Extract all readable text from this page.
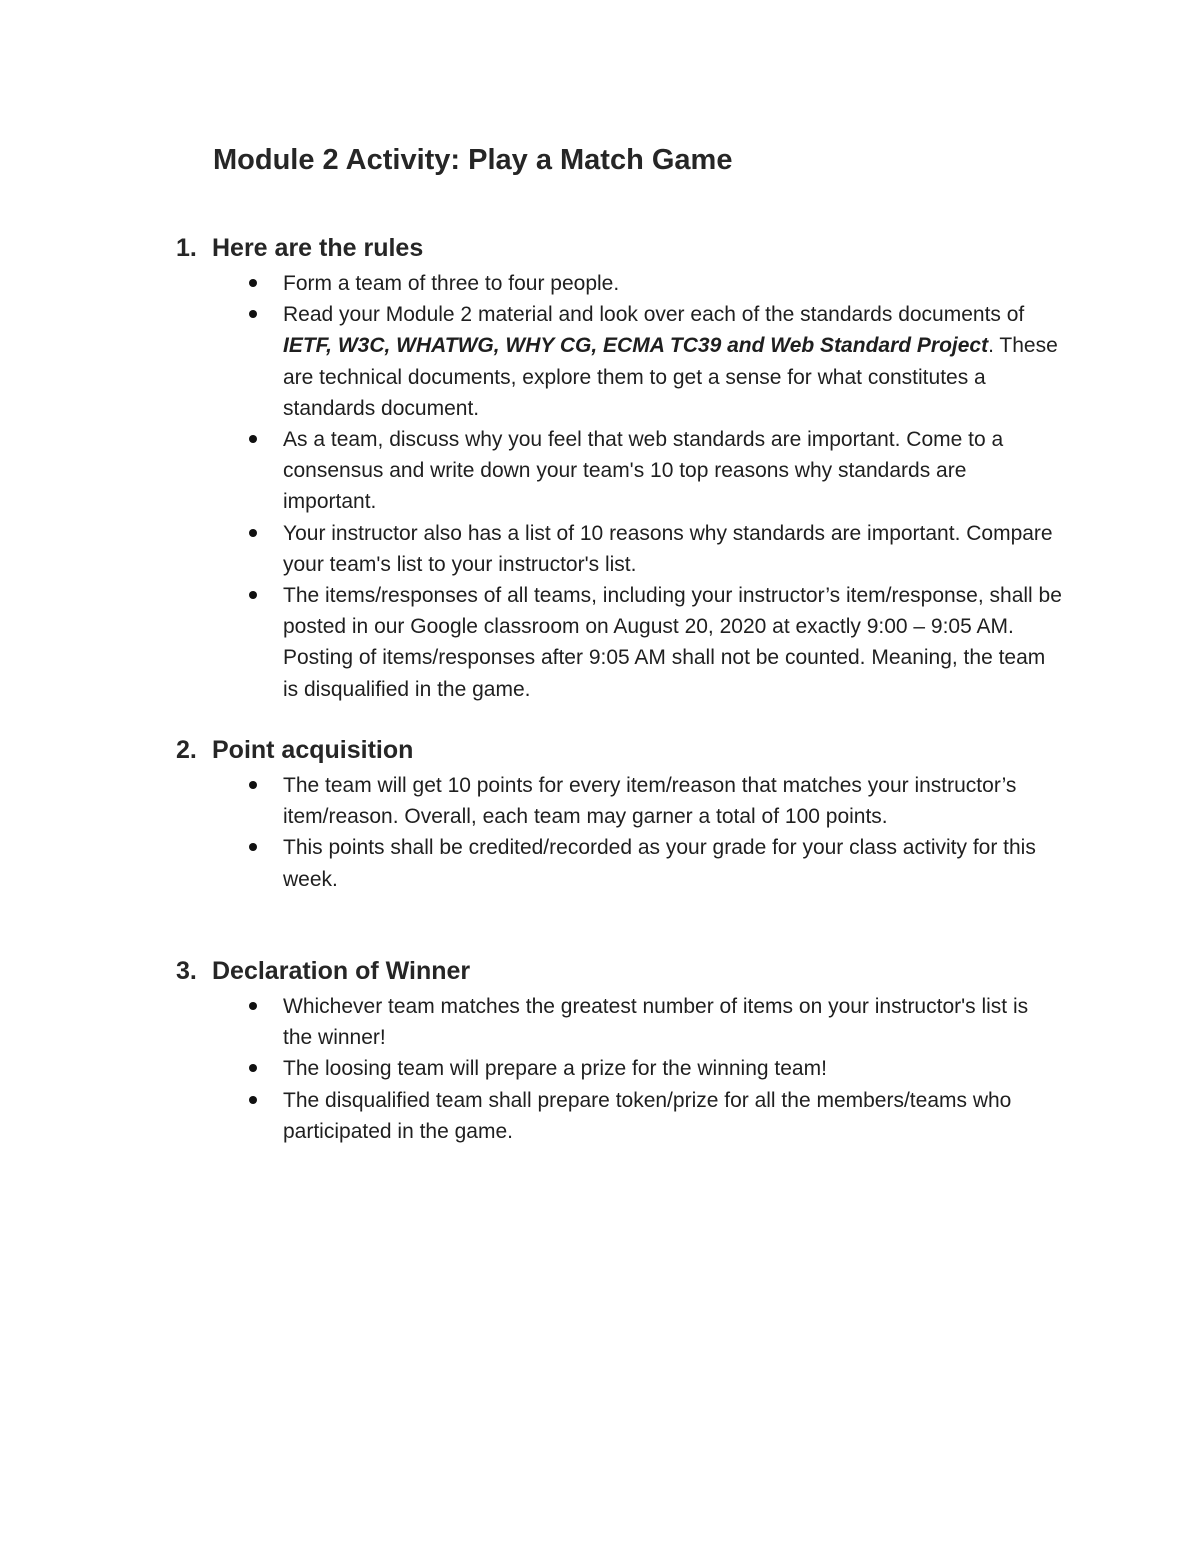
Module 2 Activity: Play a Match Game
1. Here are the rules
Form a team of three to four people.
Read your Module 2 material and look over each of the standards documents of IETF, W3C, WHATWG, WHY CG, ECMA TC39 and Web Standard Project. These are technical documents, explore them to get a sense for what constitutes a standards document.
As a team, discuss why you feel that web standards are important. Come to a consensus and write down your team's 10 top reasons why standards are important.
Your instructor also has a list of 10 reasons why standards are important. Compare your team's list to your instructor's list.
The items/responses of all teams, including your instructor’s item/response, shall be posted in our Google classroom on August 20, 2020 at exactly 9:00 – 9:05 AM. Posting of items/responses after 9:05 AM shall not be counted. Meaning, the team is disqualified in the game.
2. Point acquisition
The team will get 10 points for every item/reason that matches your instructor’s item/reason. Overall, each team may garner a total of 100 points.
This points shall be credited/recorded as your grade for your class activity for this week.
3. Declaration of Winner
Whichever team matches the greatest number of items on your instructor's list is the winner!
The loosing team will prepare a prize for the winning team!
The disqualified team shall prepare token/prize for all the members/teams who participated in the game.
